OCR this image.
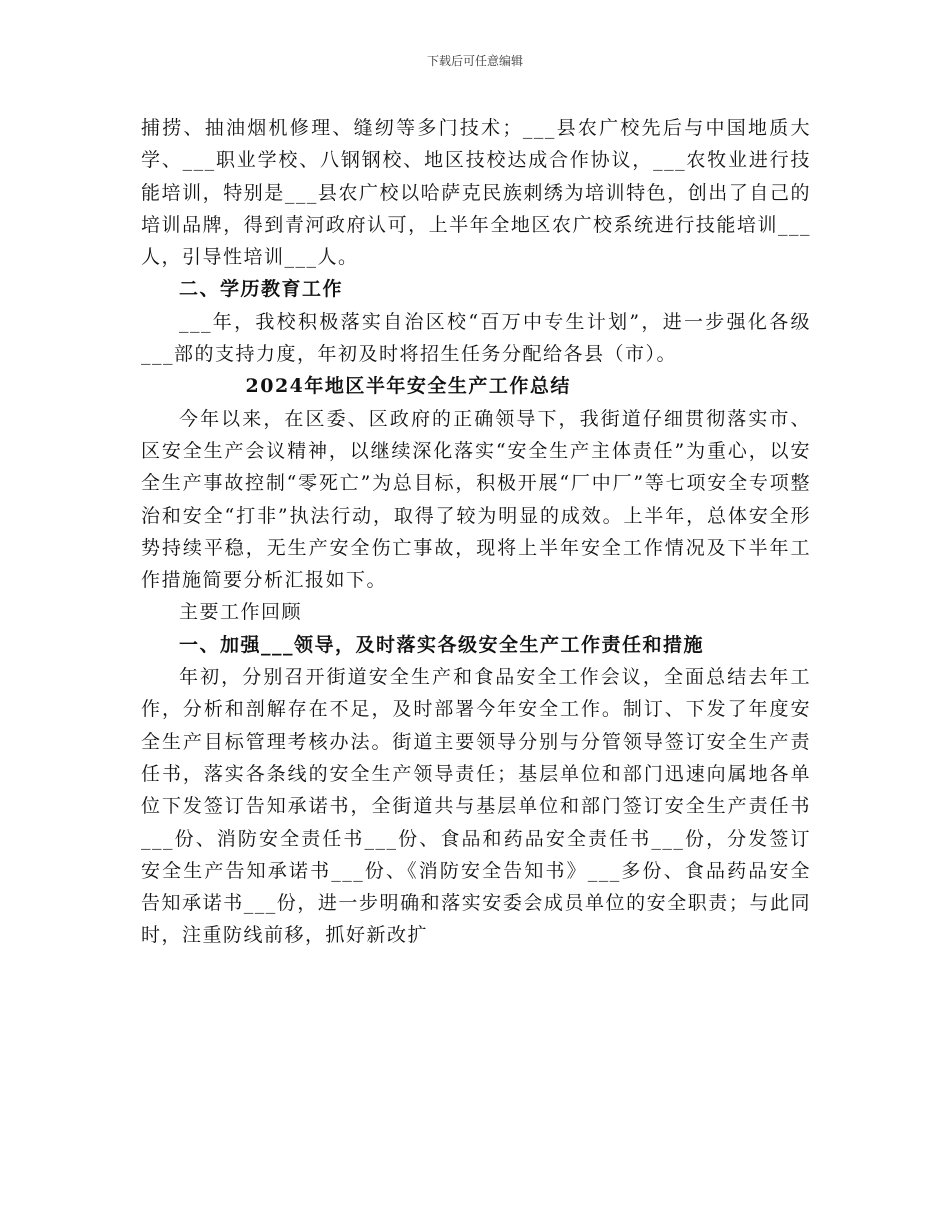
下载后可任意编辑

捕捞、抽油烟机修理、缝纫等多门技术；___县农广校先后与中国地质大学、___职业学校、八钢钢校、地区技校达成合作协议，___农牧业进行技能培训，特别是___县农广校以哈萨克民族刺绣为培训特色，创出了自己的培训品牌，得到青河政府认可，上半年全地区农广校系统进行技能培训___人，引导性培训___人。

二、学历教育工作

___年，我校积极落实自治区校“百万中专生计划”，进一步强化各级___部的支持力度，年初及时将招生任务分配给各县（市）。

2024年地区半年安全生产工作总结

今年以来，在区委、区政府的正确领导下，我街道仔细贯彻落实市、区安全生产会议精神，以继续深化落实“安全生产主体责任”为重心，以安全生产事故控制“零死亡”为总目标，积极开展“厂中厂”等七项安全专项整治和安全“打非”执法行动，取得了较为明显的成效。上半年，总体安全形势持续平稳，无生产安全伤亡事故，现将上半年安全工作情况及下半年工作措施简要分析汇报如下。

主要工作回顾

一、加强___领导，及时落实各级安全生产工作责任和措施

年初，分别召开街道安全生产和食品安全工作会议，全面总结去年工作，分析和剖解存在不足，及时部署今年安全工作。制订、下发了年度安全生产目标管理考核办法。街道主要领导分别与分管领导签订安全生产责任书，落实各条线的安全生产领导责任；基层单位和部门迅速向属地各单位下发签订告知承诺书，全街道共与基层单位和部门签订安全生产责任书___份、消防安全责任书___份、食品和药品安全责任书___份，分发签订安全生产告知承诺书___份、《消防安全告知书》___多份、食品药品安全告知承诺书___份，进一步明确和落实安委会成员单位的安全职责；与此同时，注重防线前移，抓好新改扩
